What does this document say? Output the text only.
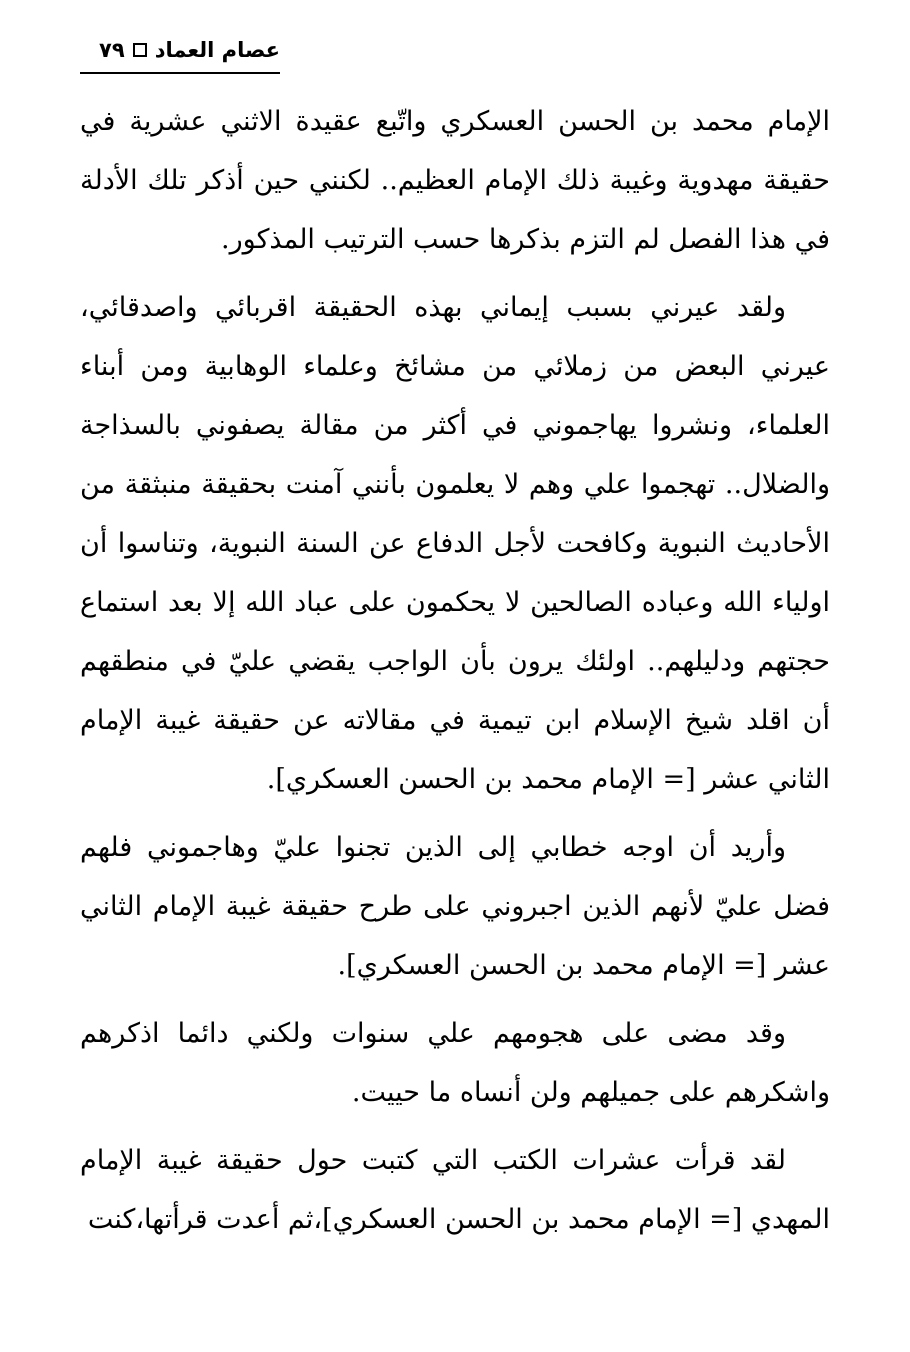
عصام العماد
٧٩

الإمام محمد بن الحسن العسكري واتّبع عقيدة الاثني عشرية في حقيقة مهدوية وغيبة ذلك الإمام العظيم.. لكنني حين أذكر تلك الأدلة في هذا الفصل لم التزم بذكرها حسب الترتيب المذكور.

ولقد عيرني بسبب إيماني بهذه الحقيقة اقربائي واصدقائي، عيرني البعض من زملائي من مشائخ وعلماء الوهابية ومن أبناء العلماء، ونشروا يهاجموني في أكثر من مقالة يصفوني بالسذاجة والضلال.. تهجموا علي وهم لا يعلمون بأنني آمنت بحقيقة منبثقة من الأحاديث النبوية وكافحت لأجل الدفاع عن السنة النبوية، وتناسوا أن اولياء الله وعباده الصالحين لا يحكمون على عباد الله إلا بعد استماع حجتهم ودليلهم.. اولئك يرون بأن الواجب يقضي عليّ في منطقهم أن اقلد شيخ الإسلام ابن تيمية في مقالاته عن حقيقة غيبة الإمام الثاني عشر [= الإمام محمد بن الحسن العسكري].

وأريد أن اوجه خطابي إلى الذين تجنوا عليّ وهاجموني فلهم فضل عليّ لأنهم الذين اجبروني على طرح حقيقة غيبة الإمام الثاني عشر [= الإمام محمد بن الحسن العسكري].

وقد مضى على هجومهم علي سنوات ولكني دائما اذكرهم واشكرهم على جميلهم ولن أنساه ما حييت.

لقد قرأت عشرات الكتب التي كتبت حول حقيقة غيبة الإمام المهدي [= الإمام محمد بن الحسن العسكري]،ثم أعدت قرأتها،كنت
